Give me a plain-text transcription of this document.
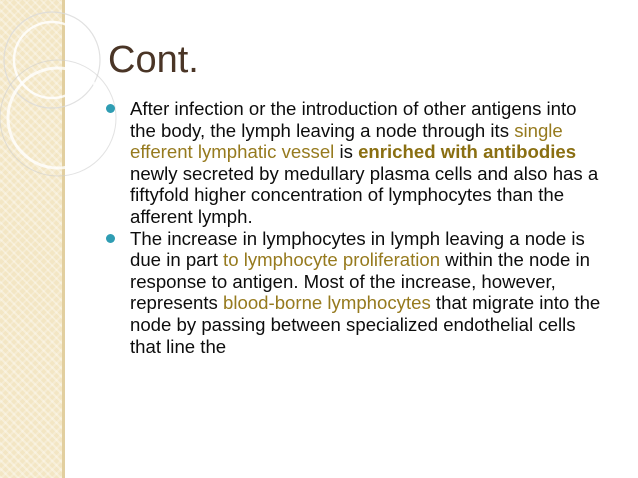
Cont.
After infection or the introduction of other antigens into the body, the lymph leaving a node through its single efferent lymphatic vessel is enriched with antibodies newly secreted by medullary plasma cells and also has a fiftyfold higher concentration of lymphocytes than the afferent lymph.
The increase in lymphocytes in lymph leaving a node is due in part to lymphocyte proliferation within the node in response to antigen. Most of the increase, however, represents blood-borne lymphocytes that migrate into the node by passing between specialized endothelial cells that line the
